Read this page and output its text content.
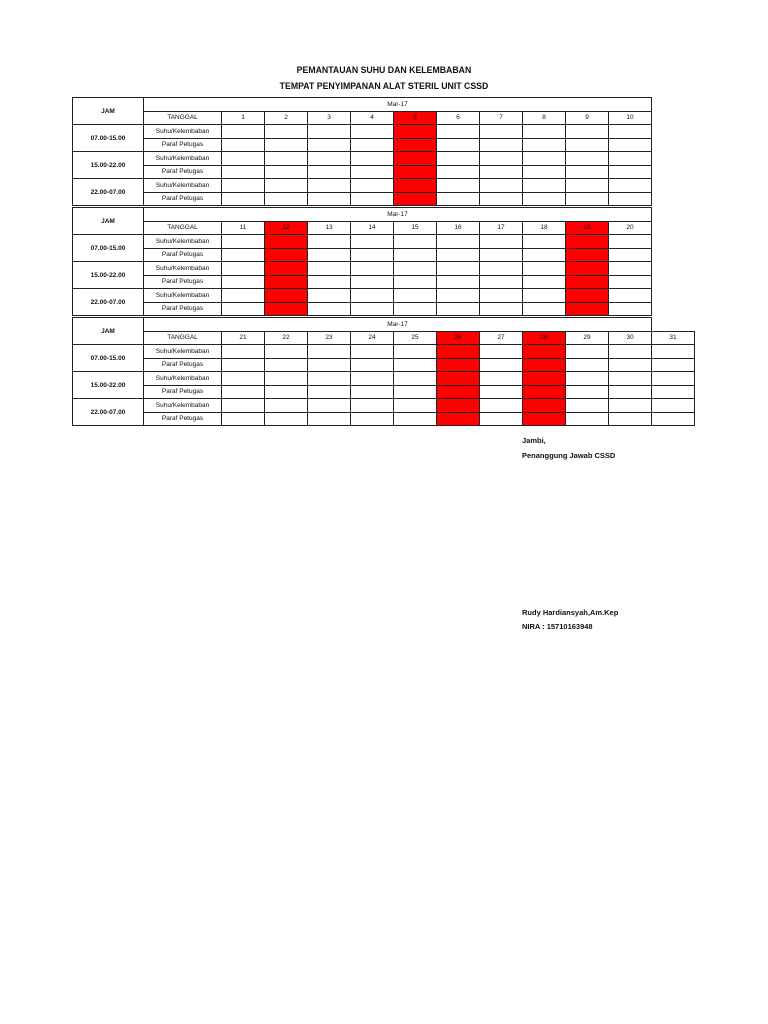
PEMANTAUAN SUHU DAN KELEMBABAN
TEMPAT PENYIMPANAN ALAT STERIL UNIT CSSD
JAM	Mar-17											
	TANGGAL	1	2	3	4	5	6	7	8	9	10	
07.00-15.00	Suhu/Kelembaban											
	Paraf Petugas											
15.00-22.00	Suhu/Kelembaban											
	Paraf Petugas											
22.00-07.00	Suhu/Kelembaban											
	Paraf Petugas											
JAM	Mar-17											
	TANGGAL	11	12	13	14	15	16	17	18	19	20	
07.00-15.00	Suhu/Kelembaban											
	Paraf Petugas											
15.00-22.00	Suhu/Kelembaban											
	Paraf Petugas											
22.00-07.00	Suhu/Kelembaban											
	Paraf Petugas											
JAM	Mar-17											
	TANGGAL	21	22	23	24	25	26	27	28	29	30	31
07.00-15.00	Suhu/Kelembaban											
	Paraf Petugas											
15.00-22.00	Suhu/Kelembaban											
	Paraf Petugas											
22.00-07.00	Suhu/Kelembaban											
	Paraf Petugas											
Jambi,
Penanggung Jawab CSSD
Rudy Hardiansyah,Am.Kep
NIRA : 15710163948
